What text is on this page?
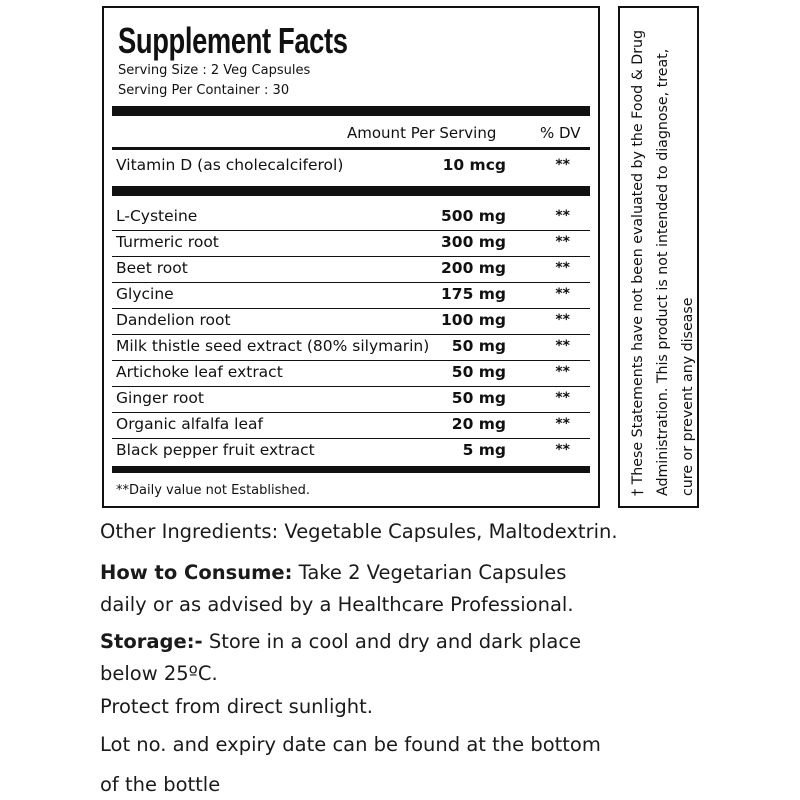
Supplement Facts
Serving Size : 2 Veg Capsules
Serving Per Container : 30
Amount Per Serving	% DV
Vitamin D (as cholecalciferol)	10 mcg	**
L-Cysteine	500 mg	**
Turmeric root	300 mg	**
Beet root	200 mg	**
Glycine	175 mg	**
Dandelion root	100 mg	**
Milk thistle seed extract (80% silymarin) 50 mg	**
Artichoke leaf extract	50 mg	**
Ginger root	50 mg	**
Organic alfalfa leaf	20 mg	**
Black pepper fruit extract	5 mg	**
**Daily value not Established.	† These Statements have not been evaluated by the Food & Drug Administration. This product is not intended to diagnose, treat, cure or prevent any disease
Other Ingredients: Vegetable Capsules, Maltodextrin.
How to Consume: Take 2 Vegetarian Capsules
daily or as advised by a Healthcare Professional.
Storage:- Store in a cool and dry and dark place
below 25ºC.
Protect from direct sunlight.
Lot no. and expiry date can be found at the bottom
of the bottle
